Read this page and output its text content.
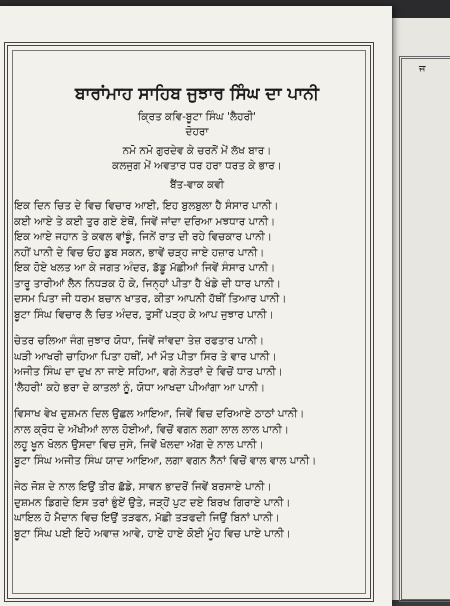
ਜ
ਬਾਰਾਂਮਾਹ ਸਾਹਿਬ ਜੁਝਾਰ ਸਿੰਘ ਦਾ ਪਾਨੀ
ਕ੍ਰਿਤ ਕਵਿ-ਬੂਟਾ ਸਿੰਘ 'ਲੈਹਰੀ'
ਦੋਹਰਾ
ਨਮੋ ਨਮੋ ਗੁਰਦੇਵ ਕੇ ਚਰਨੋਂ ਮੇਂ ਲੱਖ ਬਾਰ।
ਕਲਜੁਗ ਮੇਂ ਅਵਤਾਰ ਧਰ ਹਰਾ ਧਰਤ ਕੇ ਭਾਰ।
ਬੈਂਤ-ਵਾਕ ਕਵੀ
ਇਕ ਦਿਨ ਚਿਤ ਦੇ ਵਿਚ ਵਿਚਾਰ ਆਈ, ਇਹ ਬੁਲਬੁਲਾ ਹੈ ਸੰਸਾਰ ਪਾਨੀ।
ਕਈ ਆਏ ਤੇ ਕਈ ਤੁਰ ਗਏ ਏਥੋਂ, ਜਿਵੇਂ ਜਾਂਦਾ ਦਰਿਆ ਮਝਧਾਰ ਪਾਨੀ।
ਇਕ ਆਏ ਜਹਾਨ ਤੇ ਕਵਲ ਵਾਂਙੂੰ, ਜਿਨੇਂ ਰਾਤ ਦੀ ਰਹੇ ਵਿਚਕਾਰ ਪਾਨੀ।
ਨਹੀਂ ਪਾਨੀ ਦੇ ਵਿਚ ਓਹ ਡੁਬ ਸਕਨ, ਭਾਵੇਂ ਚੜ੍ਹ ਜਾਏ ਹਜ਼ਾਰ ਪਾਨੀ।
ਇਕ ਹੋਏ ਖਲਤ ਆ ਕੇ ਜਗਤ ਅੰਦਰ, ਡੱਡੂ ਮੱਛੀਆਂ ਜਿਵੇਂ ਸੰਸਾਰ ਪਾਨੀ।
ਤਾਰੂ ਤਾਰੀਆਂ ਲੈਨ ਨਿਧੜਕ ਹੋ ਕੇ, ਜਿਨ੍ਹਾਂ ਪੀਤਾ ਹੈ ਖੰਡੇ ਦੀ ਧਾਰ ਪਾਨੀ।
ਦਸਮ ਪਿਤਾ ਜੀ ਧਰਮ ਬਚਾਨ ਖਾਤਰ, ਕੀਤਾ ਆਪਨੀ ਹੱਥੀਂ ਤਿਆਰ ਪਾਨੀ।
ਬੂਟਾ ਸਿੰਘ ਵਿਚਾਰ ਲੈ ਚਿਤ ਅੰਦਰ, ਤੁਸੀਂ ਪੜ੍ਹ ਕੇ ਆਪ ਜੁਝਾਰ ਪਾਨੀ।
ਚੇਤਰ ਚਲਿਆ ਜੰਗ ਜੁਝਾਰ ਯੋਧਾ, ਜਿਵੇਂ ਜਾਂਵਦਾ ਤੇਜ਼ ਰਫਤਾਰ ਪਾਨੀ।
ਘੜੀ ਆਖਰੀ ਚਾਹਿਆ ਪਿਤਾ ਹਥੀਂ, ਮਾਂ ਮੌਤ ਪੀਤਾ ਸਿਰ ਤੇ ਵਾਰ ਪਾਨੀ।
ਅਜੀਤ ਸਿੰਘ ਦਾ ਦੁਖ ਨਾ ਜਾਏ ਸਹਿਆ, ਵਗੇ ਨੇਤਰਾਂ ਦੇ ਵਿਚੋਂ ਧਾਰ ਪਾਨੀ।
'ਲੈਹਰੀ' ਕਹੇ ਭਰਾ ਦੇ ਕਾਤਲਾਂ ਨੂੰ, ਯੋਧਾ ਆਖਦਾ ਪੀਆਂਗਾ ਆ ਪਾਨੀ।
ਵਿਸਾਖ ਵੇਖ ਦੁਸ਼ਮਨ ਦਿਲ ਉਛਲ ਆਇਆ, ਜਿਵੇਂ ਵਿਚ ਦਰਿਆਏ ਠਾਠਾਂ ਪਾਨੀ।
ਨਾਲ ਕ੍ਰੋਧ ਦੇ ਅੱਖੀਆਂ ਲਾਲ ਹੋਈਆਂ, ਵਿਚੋਂ ਵਗਨ ਲਗਾ ਲਾਲ ਲਾਲ ਪਾਨੀ।
ਲਹੂ ਖੂਨ ਖੋਲਨ ਉਸਦਾ ਵਿਚ ਜੁਸੇ, ਜਿਵੇਂ ਖੋਲਦਾ ਅੱਗ ਦੇ ਨਾਲ ਪਾਨੀ।
ਬੂਟਾ ਸਿੰਘ ਅਜੀਤ ਸਿੰਘ ਯਾਦ ਆਇਆ, ਲਗਾ ਵਗਨ ਨੈਨਾਂ ਵਿਚੋਂ ਵਾਲ ਵਾਲ ਪਾਨੀ।
ਜੇਠ ਜੋਸ਼ ਦੇ ਨਾਲ ਇਉਂ ਤੀਰ ਛੱਡੇ, ਸਾਵਨ ਭਾਦਰੋਂ ਜਿਵੇਂ ਬਰਸਾਏ ਪਾਨੀ।
ਦੁਸ਼ਮਨ ਡਿਗਦੇ ਇਸ ਤਰਾਂ ਭੁੰਏਂ ਉਤੇ, ਜੜ੍ਹੋਂ ਪੁਟ ਦਏ ਬਿਰਖ ਗਿਰਾਏ ਪਾਨੀ।
ਘਾਇਲ ਹੋ ਮੈਦਾਨ ਵਿਚ ਇਉਂ ਤੜਫਨ, ਮੱਛੀ ਤੜਫਦੀ ਜਿਉਂ ਬਿਨਾਂ ਪਾਨੀ।
ਬੂਟਾ ਸਿੰਘ ਪਈ ਇਹੋ ਅਵਾਜ਼ ਆਵੇ, ਹਾਏ ਹਾਏ ਕੋਈ ਮੂੰਹ ਵਿਚ ਪਾਏ ਪਾਨੀ।
